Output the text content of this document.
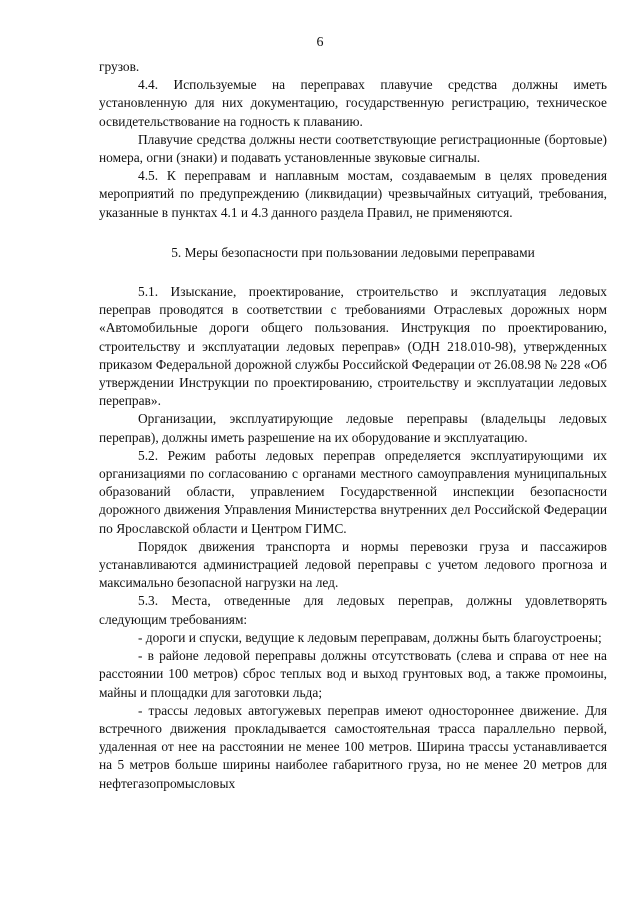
6

грузов.

4.4. Используемые на переправах плавучие средства должны иметь установленную для них документацию, государственную регистрацию, техническое освидетельствование на годность к плаванию.

Плавучие средства должны нести соответствующие регистрационные (бортовые) номера, огни (знаки) и подавать установленные звуковые сигналы.

4.5. К переправам и наплавным мостам, создаваемым в целях проведения мероприятий по предупреждению (ликвидации) чрезвычайных ситуаций, требования, указанные в пунктах 4.1 и 4.3 данного раздела Правил, не применяются.

5. Меры безопасности при пользовании ледовыми переправами

5.1. Изыскание, проектирование, строительство и эксплуатация ледовых переправ проводятся в соответствии с требованиями Отраслевых дорожных норм «Автомобильные дороги общего пользования. Инструкция по проектированию, строительству и эксплуатации ледовых переправ» (ОДН 218.010-98), утвержденных приказом Федеральной дорожной службы Российской Федерации от 26.08.98 № 228 «Об утверждении Инструкции по проектированию, строительству и эксплуатации ледовых переправ».

Организации, эксплуатирующие ледовые переправы (владельцы ледовых переправ), должны иметь разрешение на их оборудование и эксплуатацию.

5.2. Режим работы ледовых переправ определяется эксплуатирующими их организациями по согласованию с органами местного самоуправления муниципальных образований области, управлением Государственной инспекции безопасности дорожного движения Управления Министерства внутренних дел Российской Федерации по Ярославской области и Центром ГИМС.

Порядок движения транспорта и нормы перевозки груза и пассажиров устанавливаются администрацией ледовой переправы с учетом ледового прогноза и максимально безопасной нагрузки на лед.

5.3. Места, отведенные для ледовых переправ, должны удовлетворять следующим требованиям:

- дороги и спуски, ведущие к ледовым переправам, должны быть благоустроены;

- в районе ледовой переправы должны отсутствовать (слева и справа от нее на расстоянии 100 метров) сброс теплых вод и выход грунтовых вод, а также промоины, майны и площадки для заготовки льда;

- трассы ледовых автогужевых переправ имеют одностороннее движение. Для встречного движения прокладывается самостоятельная трасса параллельно первой, удаленная от нее на расстоянии не менее 100 метров. Ширина трассы устанавливается на 5 метров больше ширины наиболее габаритного груза, но не менее 20 метров для нефтегазопромысловых
